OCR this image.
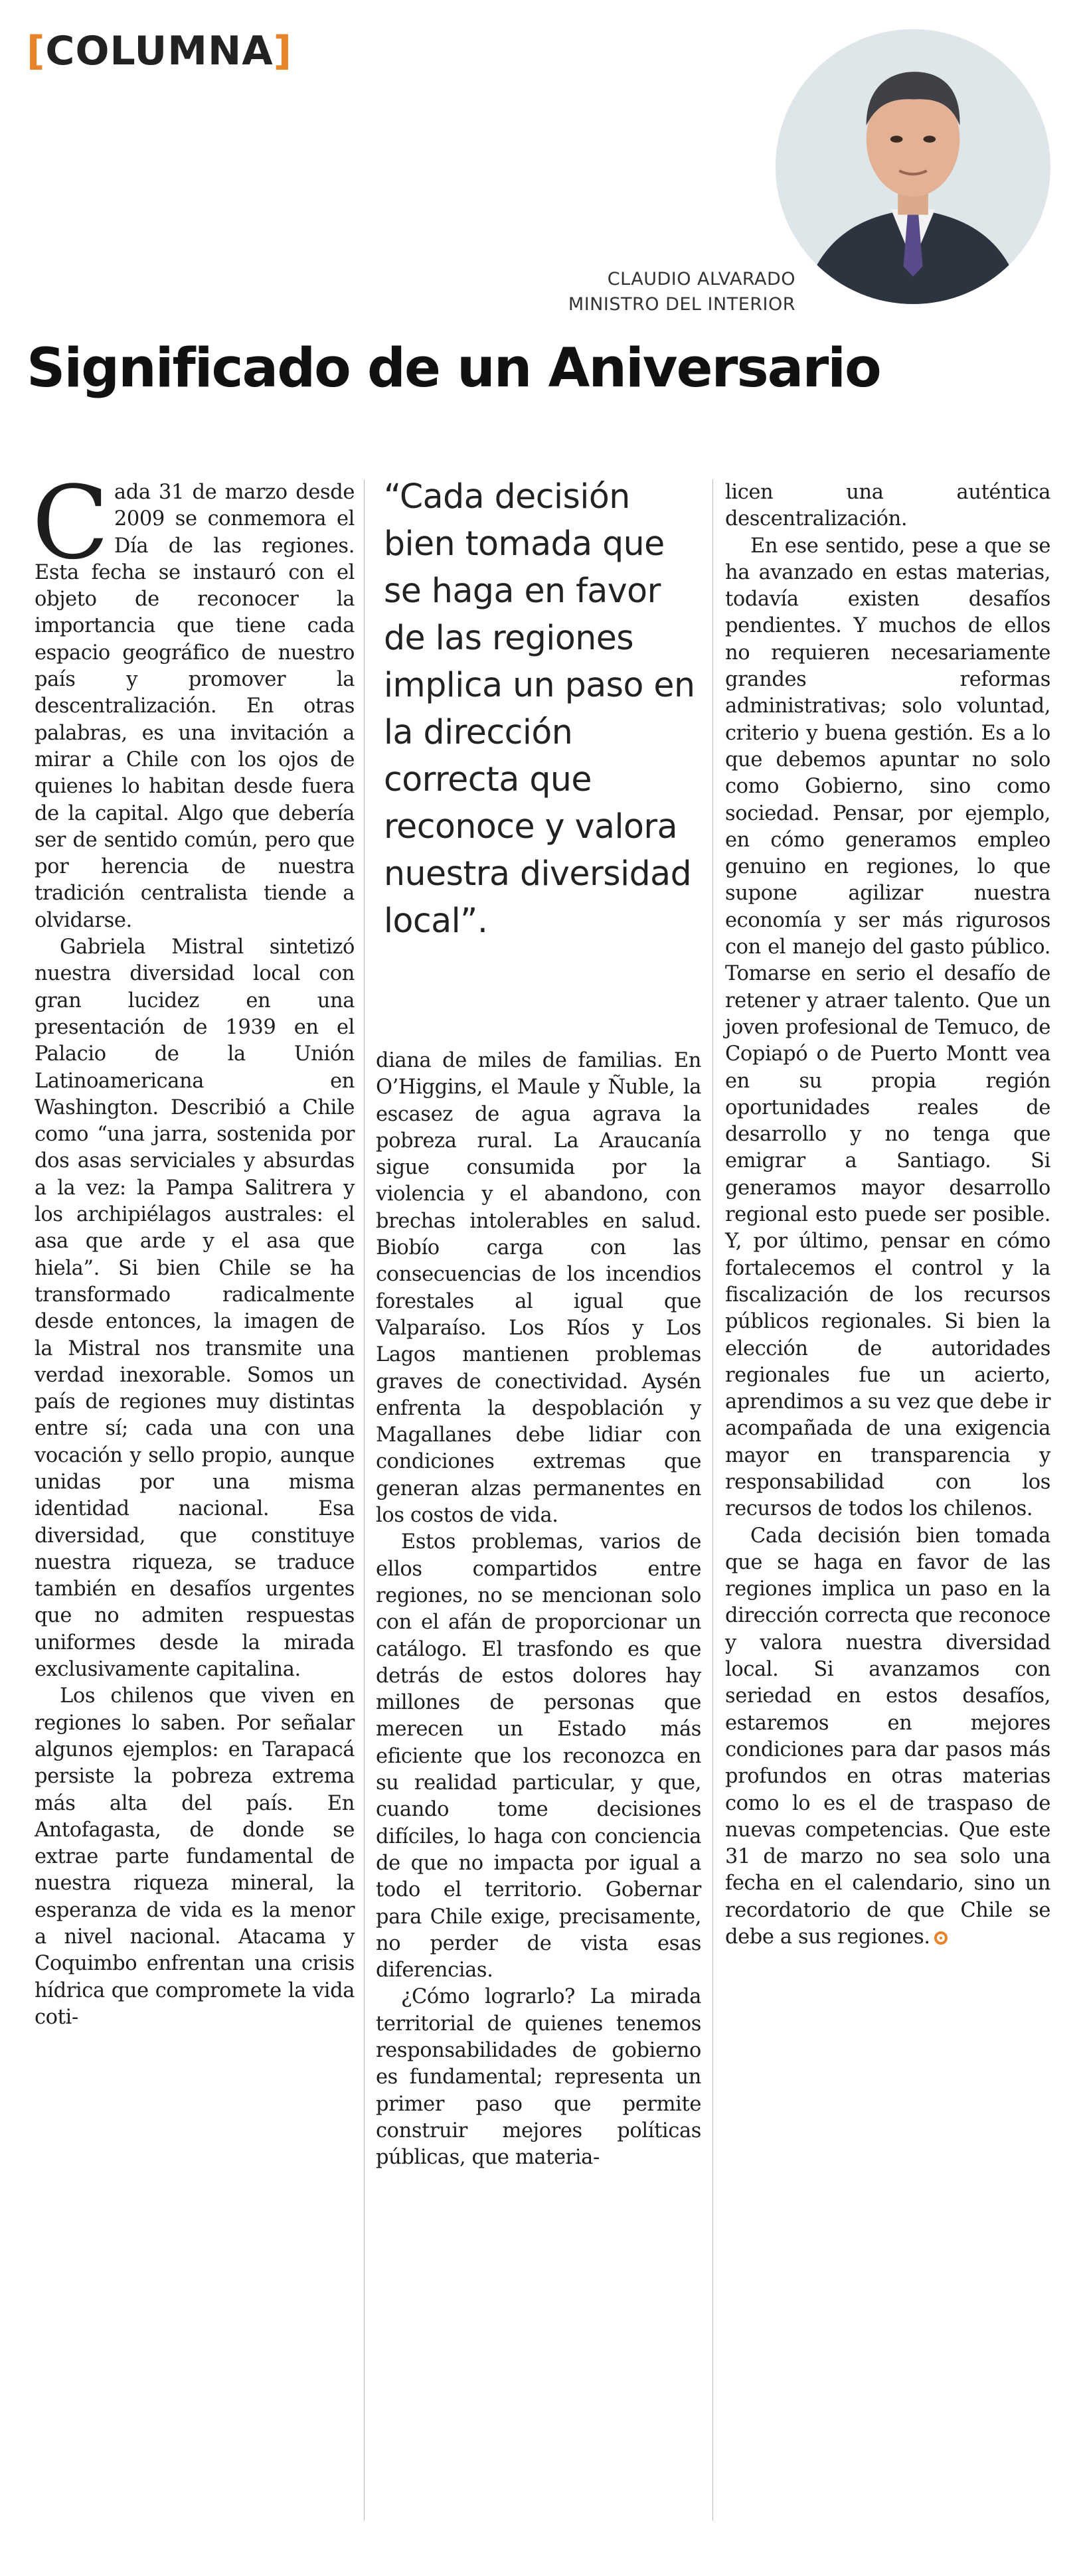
[COLUMNA]
CLAUDIO ALVARADO
MINISTRO DEL INTERIOR
Significado de un Aniversario

Cada 31 de marzo desde 2009 se conmemora el Día de las regiones. Esta fecha se instauró con el objeto de reconocer la importancia que tiene cada espacio geográfico de nuestro país y promover la descentralización. En otras palabras, es una invitación a mirar a Chile con los ojos de quienes lo habitan desde fuera de la capital. Algo que debería ser de sentido común, pero que por herencia de nuestra tradición centralista tiende a olvidarse.

Gabriela Mistral sintetizó nuestra diversidad local con gran lucidez en una presentación de 1939 en el Palacio de la Unión Latinoamericana en Washington. Describió a Chile como “una jarra, sostenida por dos asas serviciales y absurdas a la vez: la Pampa Salitrera y los archipiélagos australes: el asa que arde y el asa que hiela”. Si bien Chile se ha transformado radicalmente desde entonces, la imagen de la Mistral nos transmite una verdad inexorable. Somos un país de regiones muy distintas entre sí; cada una con una vocación y sello propio, aunque unidas por una misma identidad nacional. Esa diversidad, que constituye nuestra riqueza, se traduce también en desafíos urgentes que no admiten respuestas uniformes desde la mirada exclusivamente capitalina.

Los chilenos que viven en regiones lo saben. Por señalar algunos ejemplos: en Tarapacá persiste la pobreza extrema más alta del país. En Antofagasta, de donde se extrae parte fundamental de nuestra riqueza mineral, la esperanza de vida es la menor a nivel nacional. Atacama y Coquimbo enfrentan una crisis hídrica que compromete la vida coti-

“Cada decisión bien tomada que se haga en favor de las regiones implica un paso en la dirección correcta que reconoce y valora nuestra diversidad local”.

diana de miles de familias. En O’Higgins, el Maule y Ñuble, la escasez de agua agrava la pobreza rural. La Araucanía sigue consumida por la violencia y el abandono, con brechas intolerables en salud. Biobío carga con las consecuencias de los incendios forestales al igual que Valparaíso. Los Ríos y Los Lagos mantienen problemas graves de conectividad. Aysén enfrenta la despoblación y Magallanes debe lidiar con condiciones extremas que generan alzas permanentes en los costos de vida.

Estos problemas, varios de ellos compartidos entre regiones, no se mencionan solo con el afán de proporcionar un catálogo. El trasfondo es que detrás de estos dolores hay millones de personas que merecen un Estado más eficiente que los reconozca en su realidad particular, y que, cuando tome decisiones difíciles, lo haga con conciencia de que no impacta por igual a todo el territorio. Gobernar para Chile exige, precisamente, no perder de vista esas diferencias.

¿Cómo lograrlo? La mirada territorial de quienes tenemos responsabilidades de gobierno es fundamental; representa un primer paso que permite construir mejores políticas públicas, que materia-

licen una auténtica descentralización.

En ese sentido, pese a que se ha avanzado en estas materias, todavía existen desafíos pendientes. Y muchos de ellos no requieren necesariamente grandes reformas administrativas; solo voluntad, criterio y buena gestión. Es a lo que debemos apuntar no solo como Gobierno, sino como sociedad. Pensar, por ejemplo, en cómo generamos empleo genuino en regiones, lo que supone agilizar nuestra economía y ser más rigurosos con el manejo del gasto público. Tomarse en serio el desafío de retener y atraer talento. Que un joven profesional de Temuco, de Copiapó o de Puerto Montt vea en su propia región oportunidades reales de desarrollo y no tenga que emigrar a Santiago. Si generamos mayor desarrollo regional esto puede ser posible. Y, por último, pensar en cómo fortalecemos el control y la fiscalización de los recursos públicos regionales. Si bien la elección de autoridades regionales fue un acierto, aprendimos a su vez que debe ir acompañada de una exigencia mayor en transparencia y responsabilidad con los recursos de todos los chilenos.

Cada decisión bien tomada que se haga en favor de las regiones implica un paso en la dirección correcta que reconoce y valora nuestra diversidad local. Si avanzamos con seriedad en estos desafíos, estaremos en mejores condiciones para dar pasos más profundos en otras materias como lo es el de traspaso de nuevas competencias. Que este 31 de marzo no sea solo una fecha en el calendario, sino un recordatorio de que Chile se debe a sus regiones.
